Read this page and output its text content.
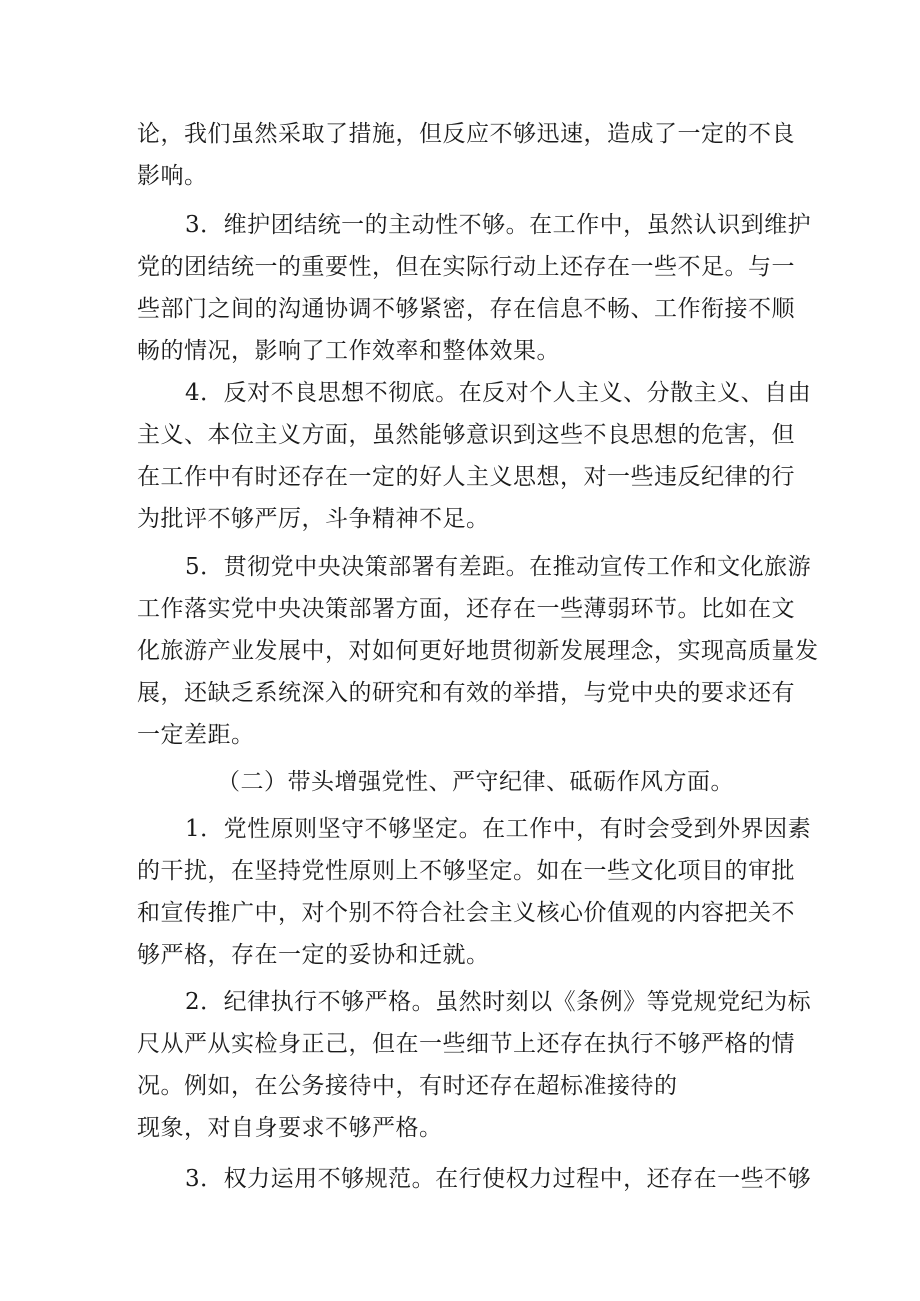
论，我们虽然采取了措施，但反应不够迅速，造成了一定的不良
影响。
3．维护团结统一的主动性不够。在工作中，虽然认识到维护
党的团结统一的重要性，但在实际行动上还存在一些不足。与一
些部门之间的沟通协调不够紧密，存在信息不畅、工作衔接不顺
畅的情况，影响了工作效率和整体效果。
4．反对不良思想不彻底。在反对个人主义、分散主义、自由
主义、本位主义方面，虽然能够意识到这些不良思想的危害，但
在工作中有时还存在一定的好人主义思想，对一些违反纪律的行
为批评不够严厉，斗争精神不足。
5．贯彻党中央决策部署有差距。在推动宣传工作和文化旅游
工作落实党中央决策部署方面，还存在一些薄弱环节。比如在文
化旅游产业发展中，对如何更好地贯彻新发展理念，实现高质量发
展，还缺乏系统深入的研究和有效的举措，与党中央的要求还有
一定差距。
（二）带头增强党性、严守纪律、砥砺作风方面。
1．党性原则坚守不够坚定。在工作中，有时会受到外界因素
的干扰，在坚持党性原则上不够坚定。如在一些文化项目的审批
和宣传推广中，对个别不符合社会主义核心价值观的内容把关不
够严格，存在一定的妥协和迁就。
2．纪律执行不够严格。虽然时刻以《条例》等党规党纪为标
尺从严从实检身正己，但在一些细节上还存在执行不够严格的情
况。例如，在公务接待中，有时还存在超标准接待的
现象，对自身要求不够严格。
3．权力运用不够规范。在行使权力过程中，还存在一些不够
